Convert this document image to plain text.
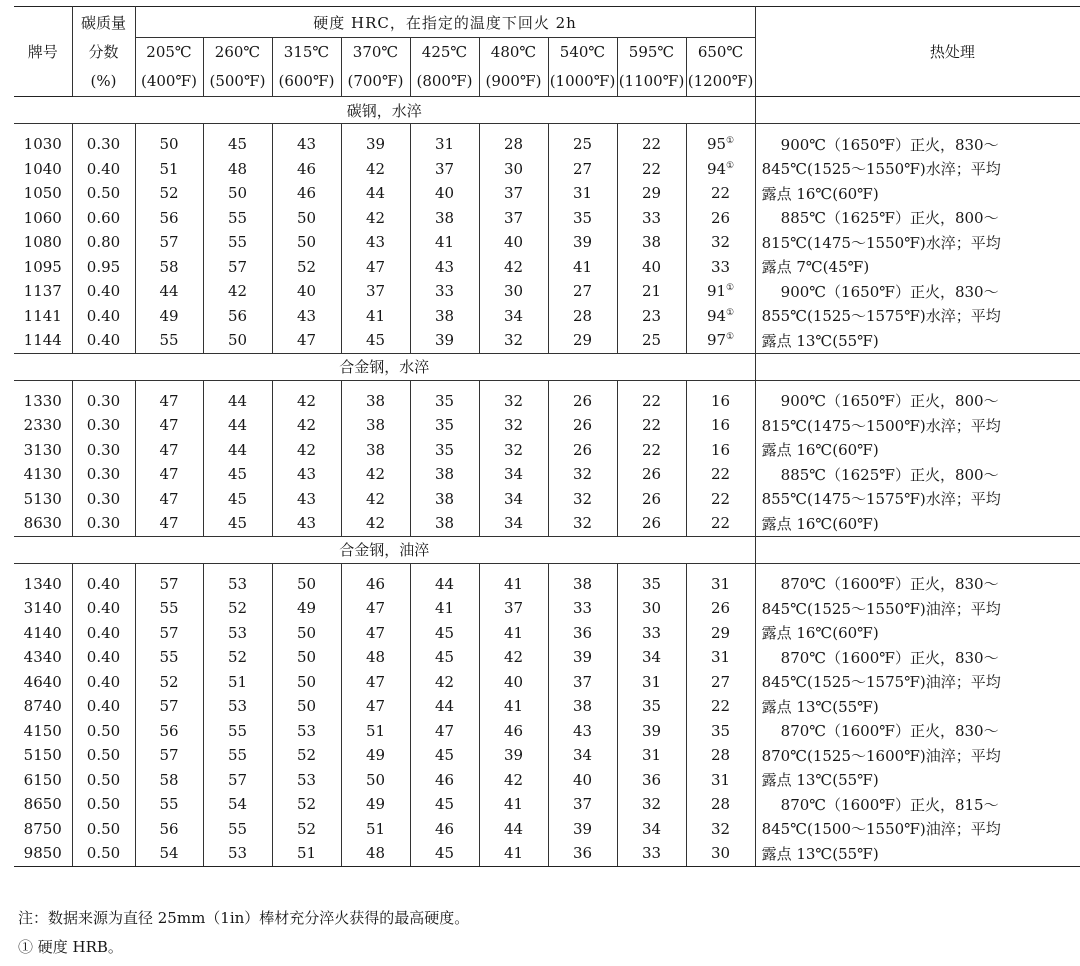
牌号	碳质量	硬度 HRC，在指定的温度下回火 2h									热处理
	分数	205℃	260℃	315℃	370℃	425℃	480℃	540℃	595℃	650℃	
	(%)	(400℉)	(500℉)	(600℉)	(700℉)	(800℉)	(900℉)	(1000℉)	(1100℉)	(1200℉)	
碳钢，水淬											

1030	0.30	50	45	43	39	31	28	25	22	95①	900℃（1650℉）正火，830～
1040	0.40	51	48	46	42	37	30	27	22	94①	845℃(1525～1550℉)水淬；平均
1050	0.50	52	50	46	44	40	37	31	29	22	露点 16℃(60℉)
1060	0.60	56	55	50	42	38	37	35	33	26	885℃（1625℉）正火，800～
1080	0.80	57	55	50	43	41	40	39	38	32	815℃(1475～1550℉)水淬；平均
1095	0.95	58	57	52	47	43	42	41	40	33	露点 7℃(45℉)
1137	0.40	44	42	40	37	33	30	27	21	91①	900℃（1650℉）正火，830～
1141	0.40	49	56	43	41	38	34	28	23	94①	855℃(1525～1575℉)水淬；平均
1144	0.40	55	50	47	45	39	32	29	25	97①	露点 13℃(55℉)
合金钢，水淬											

1330	0.30	47	44	42	38	35	32	26	22	16	900℃（1650℉）正火，800～
2330	0.30	47	44	42	38	35	32	26	22	16	815℃(1475～1500℉)水淬；平均
3130	0.30	47	44	42	38	35	32	26	22	16	露点 16℃(60℉)
4130	0.30	47	45	43	42	38	34	32	26	22	885℃（1625℉）正火，800～
5130	0.30	47	45	43	42	38	34	32	26	22	855℃(1475～1575℉)水淬；平均
8630	0.30	47	45	43	42	38	34	32	26	22	露点 16℃(60℉)
合金钢，油淬											

1340	0.40	57	53	50	46	44	41	38	35	31	870℃（1600℉）正火，830～
3140	0.40	55	52	49	47	41	37	33	30	26	845℃(1525～1550℉)油淬；平均
4140	0.40	57	53	50	47	45	41	36	33	29	露点 16℃(60℉)
4340	0.40	55	52	50	48	45	42	39	34	31	870℃（1600℉）正火，830～
4640	0.40	52	51	50	47	42	40	37	31	27	845℃(1525～1575℉)油淬；平均
8740	0.40	57	53	50	47	44	41	38	35	22	露点 13℃(55℉)
4150	0.50	56	55	53	51	47	46	43	39	35	870℃（1600℉）正火，830～
5150	0.50	57	55	52	49	45	39	34	31	28	870℃(1525～1600℉)油淬；平均
6150	0.50	58	57	53	50	46	42	40	36	31	露点 13℃(55℉)
8650	0.50	55	54	52	49	45	41	37	32	28	870℃（1600℉）正火，815～
8750	0.50	56	55	52	51	46	44	39	34	32	845℃(1500～1550℉)油淬；平均
9850	0.50	54	53	51	48	45	41	36	33	30	露点 13℃(55℉)
注：数据来源为直径 25mm（1in）棒材充分淬火获得的最高硬度。
① 硬度 HRB。
